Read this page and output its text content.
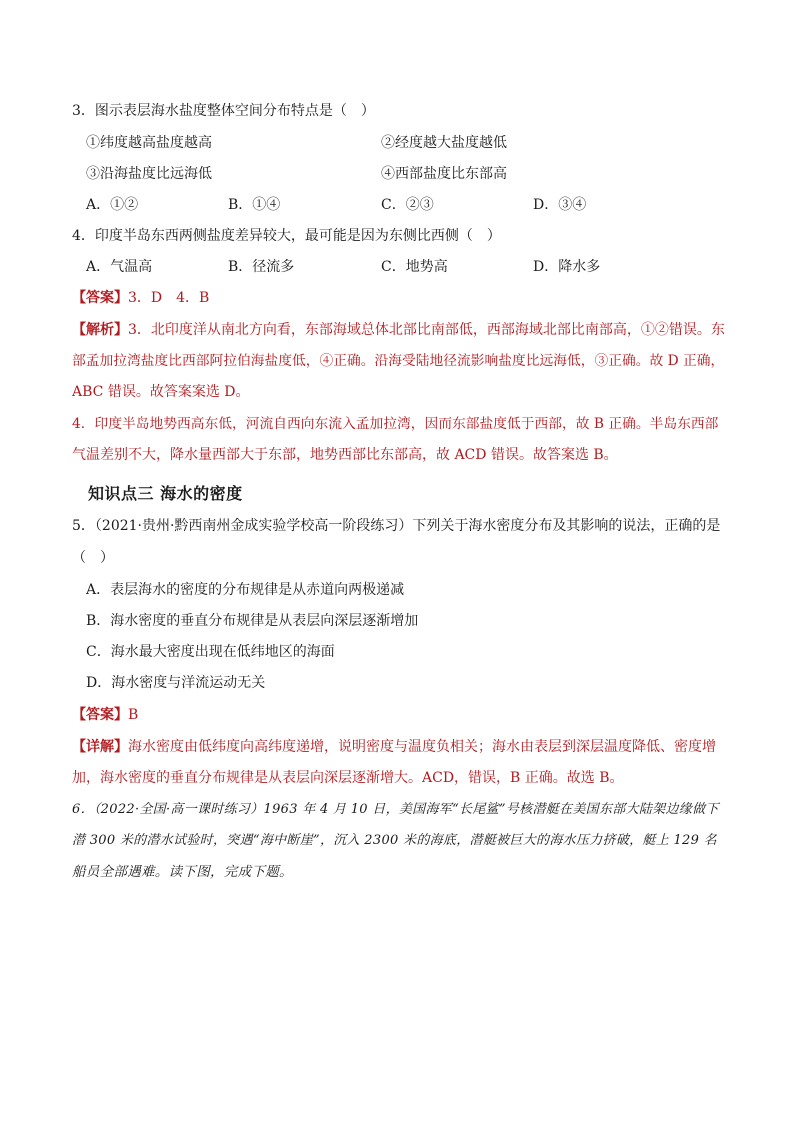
3．图示表层海水盐度整体空间分布特点是（　）
①纬度越高盐度越高	②经度越大盐度越低
③沿海盐度比远海低	④西部盐度比东部高
A．①②	B．①④	C．②③	D．③④
4．印度半岛东西两侧盐度差异较大，最可能是因为东侧比西侧（　）
A．气温高	B．径流多	C．地势高	D．降水多
【答案】3．D　4．B
【解析】3．北印度洋从南北方向看，东部海域总体北部比南部低，西部海域北部比南部高，①②错误。东
部孟加拉湾盐度比西部阿拉伯海盐度低，④正确。沿海受陆地径流影响盐度比远海低，③正确。故 D 正确，
ABC 错误。故答案案选 D。
4．印度半岛地势西高东低，河流自西向东流入孟加拉湾，因而东部盐度低于西部，故 B 正确。半岛东西部
气温差别不大，降水量西部大于东部，地势西部比东部高，故 ACD 错误。故答案选 B。
知识点三 海水的密度
5．（2021·贵州·黔西南州金成实验学校高一阶段练习）下列关于海水密度分布及其影响的说法，正确的是
（　）
A．表层海水的密度的分布规律是从赤道向两极递减
B．海水密度的垂直分布规律是从表层向深层逐渐增加
C．海水最大密度出现在低纬地区的海面
D．海水密度与洋流运动无关
【答案】B
【详解】海水密度由低纬度向高纬度递增，说明密度与温度负相关；海水由表层到深层温度降低、密度增
加，海水密度的垂直分布规律是从表层向深层逐渐增大。ACD，错误，B 正确。故选 B。
6．（2022·全国·高一课时练习）1963 年 4 月 10 日，美国海军“长尾鲨”号核潜艇在美国东部大陆架边缘做下
潜 300 米的潜水试验时，突遇“海中断崖”，沉入 2300 米的海底，潜艇被巨大的海水压力挤破，艇上 129 名
船员全部遇难。读下图，完成下题。
